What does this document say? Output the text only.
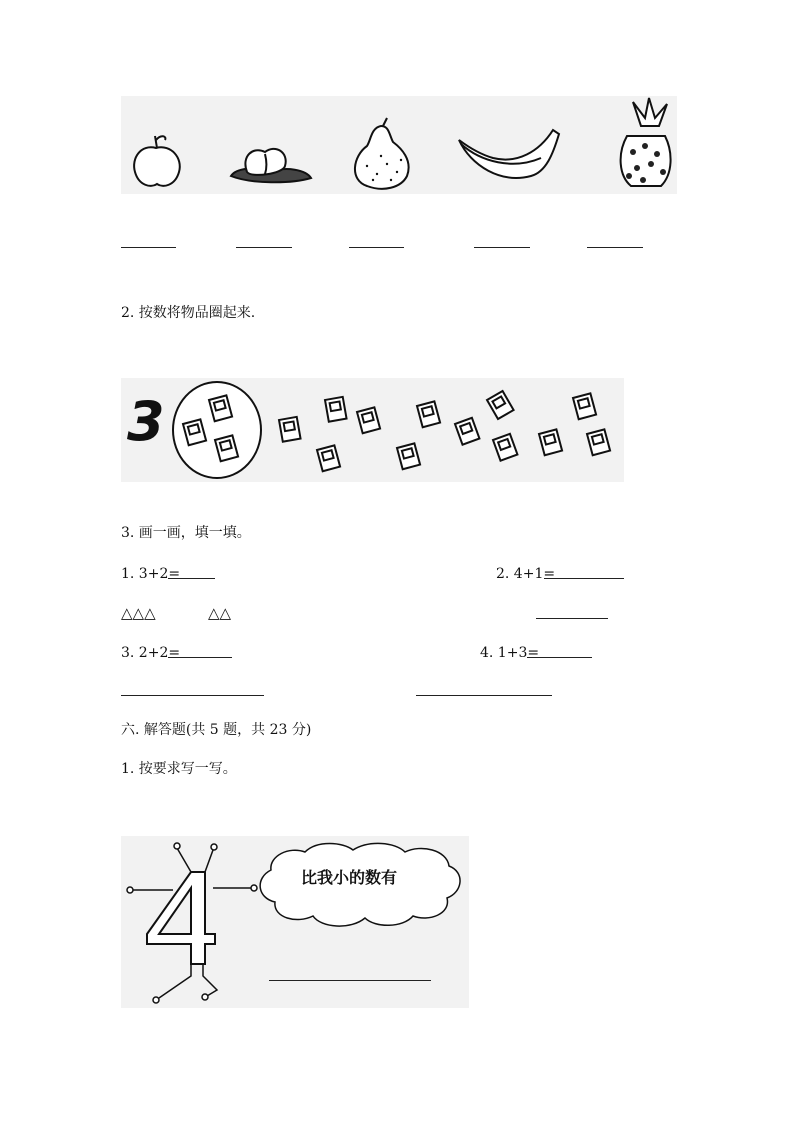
2. 按数将物品圈起来.
3
3. 画一画，填一填。
1. 3+2=	2. 4+1=
△△△	△△
3. 2+2=	4. 1+3=
六. 解答题(共 5 题，共 23 分)
1. 按要求写一写。
比我小的数有
